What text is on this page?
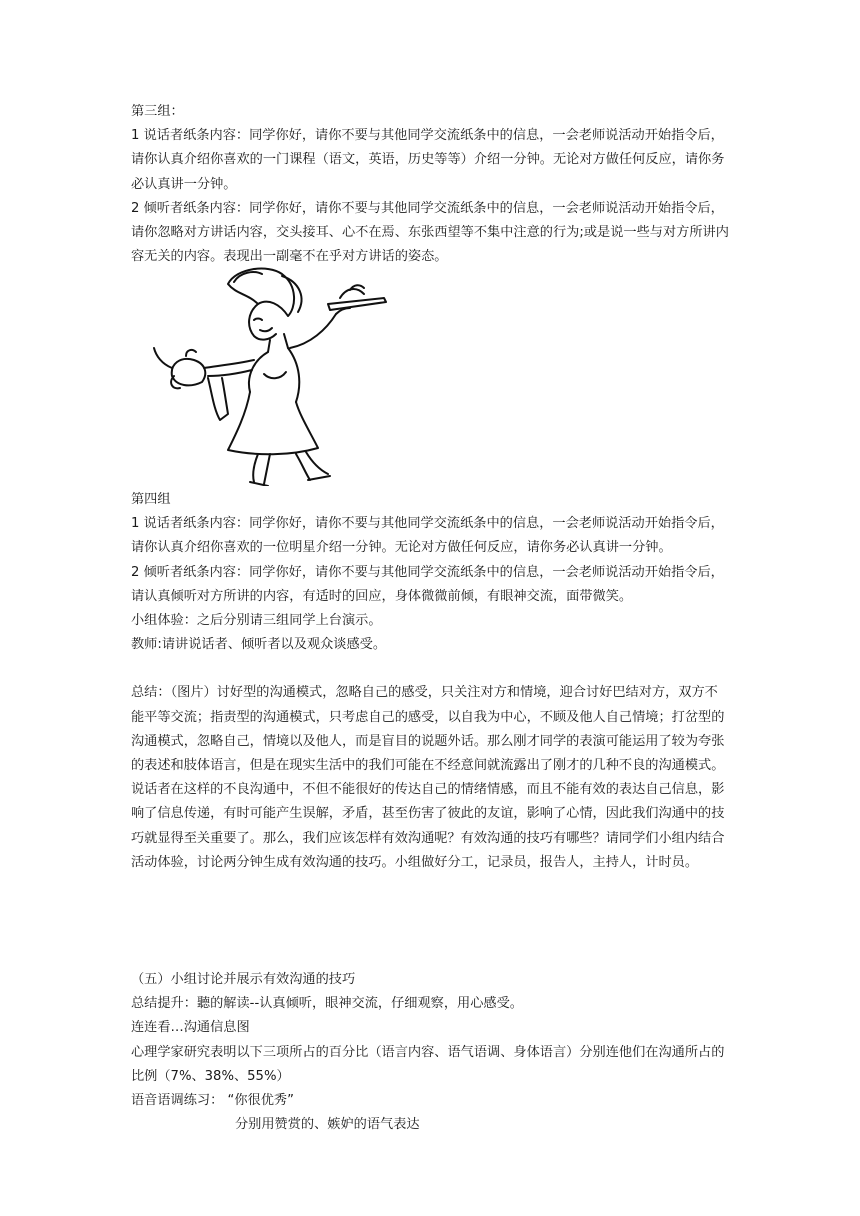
第三组：

1 说话者纸条内容：同学你好，请你不要与其他同学交流纸条中的信息，一会老师说活动开始指令后，请你认真介绍你喜欢的一门课程（语文，英语，历史等等）介绍一分钟。无论对方做任何反应，请你务必认真讲一分钟。

2 倾听者纸条内容：同学你好，请你不要与其他同学交流纸条中的信息，一会老师说活动开始指令后，请你忽略对方讲话内容，交头接耳、心不在焉、东张西望等不集中注意的行为;或是说一些与对方所讲内容无关的内容。表现出一副毫不在乎对方讲话的姿态。

第四组

1 说话者纸条内容：同学你好，请你不要与其他同学交流纸条中的信息，一会老师说活动开始指令后，请你认真介绍你喜欢的一位明星介绍一分钟。无论对方做任何反应，请你务必认真讲一分钟。

2 倾听者纸条内容：同学你好，请你不要与其他同学交流纸条中的信息，一会老师说活动开始指令后，请认真倾听对方所讲的内容，有适时的回应，身体微微前倾，有眼神交流，面带微笑。

小组体验：之后分别请三组同学上台演示。

教师:请讲说话者、倾听者以及观众谈感受。

总结：（图片）讨好型的沟通模式，忽略自己的感受，只关注对方和情境，迎合讨好巴结对方，双方不能平等交流；指责型的沟通模式，只考虑自己的感受，以自我为中心，不顾及他人自己情境；打岔型的沟通模式，忽略自己，情境以及他人，而是盲目的说题外话。那么刚才同学的表演可能运用了较为夸张的表述和肢体语言，但是在现实生活中的我们可能在不经意间就流露出了刚才的几种不良的沟通模式。说话者在这样的不良沟通中，不但不能很好的传达自己的情绪情感，而且不能有效的表达自己信息，影响了信息传递，有时可能产生误解，矛盾，甚至伤害了彼此的友谊，影响了心情，因此我们沟通中的技巧就显得至关重要了。那么，我们应该怎样有效沟通呢？有效沟通的技巧有哪些？请同学们小组内结合活动体验，讨论两分钟生成有效沟通的技巧。小组做好分工，记录员，报告人，主持人，计时员。

（五）小组讨论并展示有效沟通的技巧

总结提升：聽的解读--认真倾听，眼神交流，仔细观察，用心感受。

连连看…沟通信息图

心理学家研究表明以下三项所占的百分比（语言内容、语气语调、身体语言）分别连他们在沟通所占的比例（7%、38%、55%）

语音语调练习： “你很优秀”

分别用赞赏的、嫉妒的语气表达
